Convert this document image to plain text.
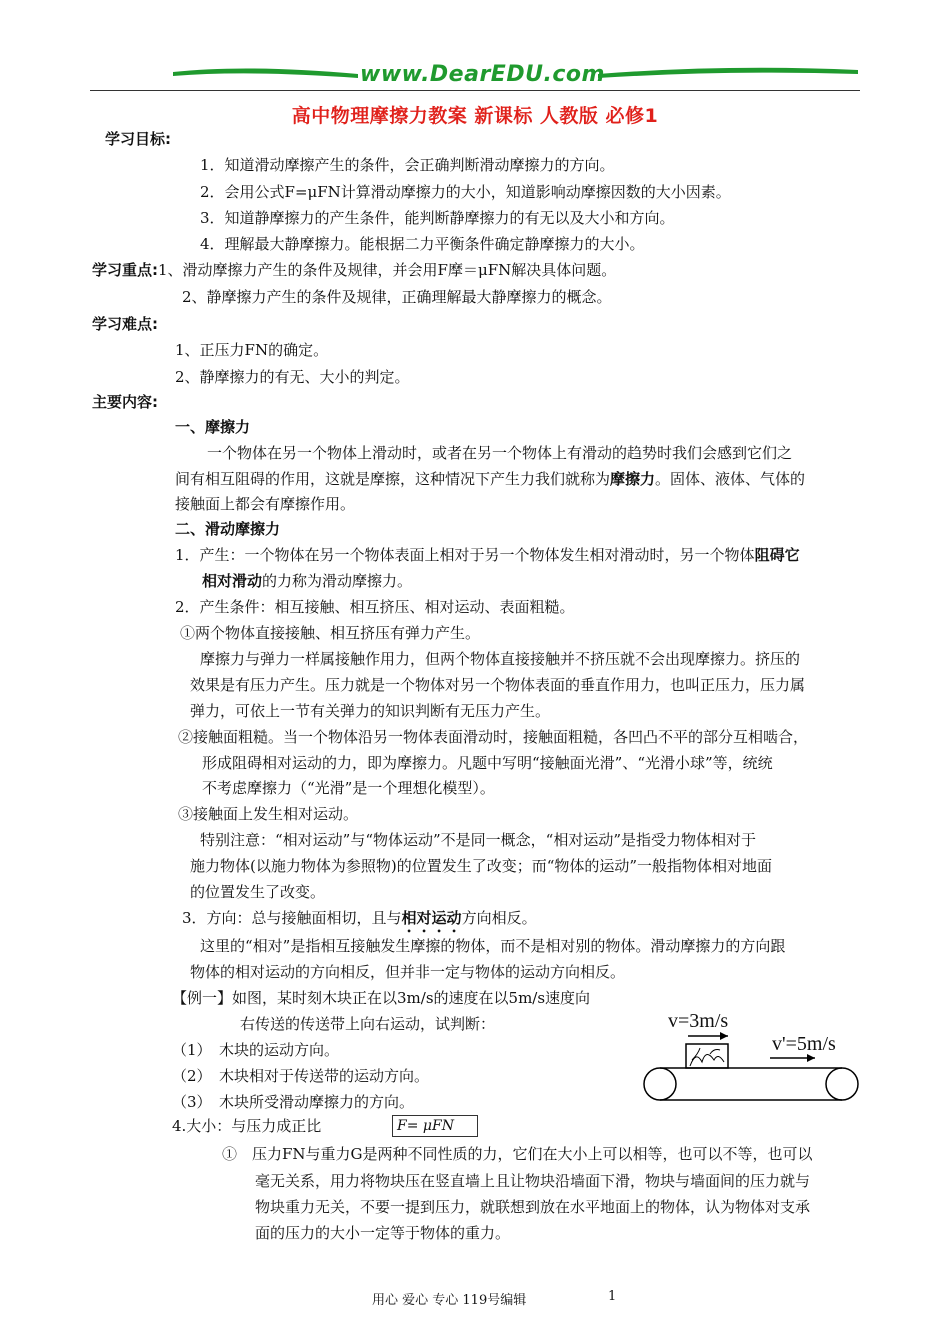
www.DearEDU.com
高中物理摩擦力教案 新课标 人教版 必修1
学习目标:
1．知道滑动摩擦产生的条件，会正确判断滑动摩擦力的方向。
2．会用公式F=μFN计算滑动摩擦力的大小，知道影响动摩擦因数的大小因素。
3．知道静摩擦力的产生条件，能判断静摩擦力的有无以及大小和方向。
4．理解最大静摩擦力。能根据二力平衡条件确定静摩擦力的大小。
学习重点:1、滑动摩擦力产生的条件及规律，并会用F摩＝μFN解决具体问题。
2、静摩擦力产生的条件及规律，正确理解最大静摩擦力的概念。
学习难点:
1、正压力FN的确定。
2、静摩擦力的有无、大小的判定。
主要内容:
一、摩擦力
一个物体在另一个物体上滑动时，或者在另一个物体上有滑动的趋势时我们会感到它们之
间有相互阻碍的作用，这就是摩擦，这种情况下产生力我们就称为摩擦力。固体、液体、气体的
接触面上都会有摩擦作用。
二、滑动摩擦力
1．产生：一个物体在另一个物体表面上相对于另一个物体发生相对滑动时，另一个物体阻碍它
相对滑动的力称为滑动摩擦力。
2．产生条件：相互接触、相互挤压、相对运动、表面粗糙。
①两个物体直接接触、相互挤压有弹力产生。
摩擦力与弹力一样属接触作用力，但两个物体直接接触并不挤压就不会出现摩擦力。挤压的
效果是有压力产生。压力就是一个物体对另一个物体表面的垂直作用力，也叫正压力，压力属
弹力，可依上一节有关弹力的知识判断有无压力产生。
②接触面粗糙。当一个物体沿另一物体表面滑动时，接触面粗糙，各凹凸不平的部分互相啮合，
形成阻碍相对运动的力，即为摩擦力。凡题中写明“接触面光滑”、“光滑小球”等，统统
不考虑摩擦力（“光滑”是一个理想化模型）。
③接触面上发生相对运动。
特别注意：“相对运动”与“物体运动”不是同一概念，“相对运动”是指受力物体相对于
施力物体(以施力物体为参照物)的位置发生了改变；而“物体的运动”一般指物体相对地面
的位置发生了改变。
3．方向：总与接触面相切，且与相对运动方向相反。
这里的“相对”是指相互接触发生摩擦的物体，而不是相对别的物体。滑动摩擦力的方向跟
物体的相对运动的方向相反，但并非一定与物体的运动方向相反。
【例一】如图，某时刻木块正在以3m/s的速度在以5m/s速度向
右传送的传送带上向右运动，试判断：
（1）　木块的运动方向。
（2）　木块相对于传送带的运动方向。
（3）　木块所受滑动摩擦力的方向。
v=3m/s
v'=5m/s
4.大小：与压力成正比	F= μFN
①　压力FN与重力G是两种不同性质的力，它们在大小上可以相等，也可以不等，也可以
毫无关系，用力将物块压在竖直墙上且让物块沿墙面下滑，物块与墙面间的压力就与
物块重力无关，不要一提到压力，就联想到放在水平地面上的物体，认为物体对支承
面的压力的大小一定等于物体的重力。
用心 爱心 专心 119号编辑	1
